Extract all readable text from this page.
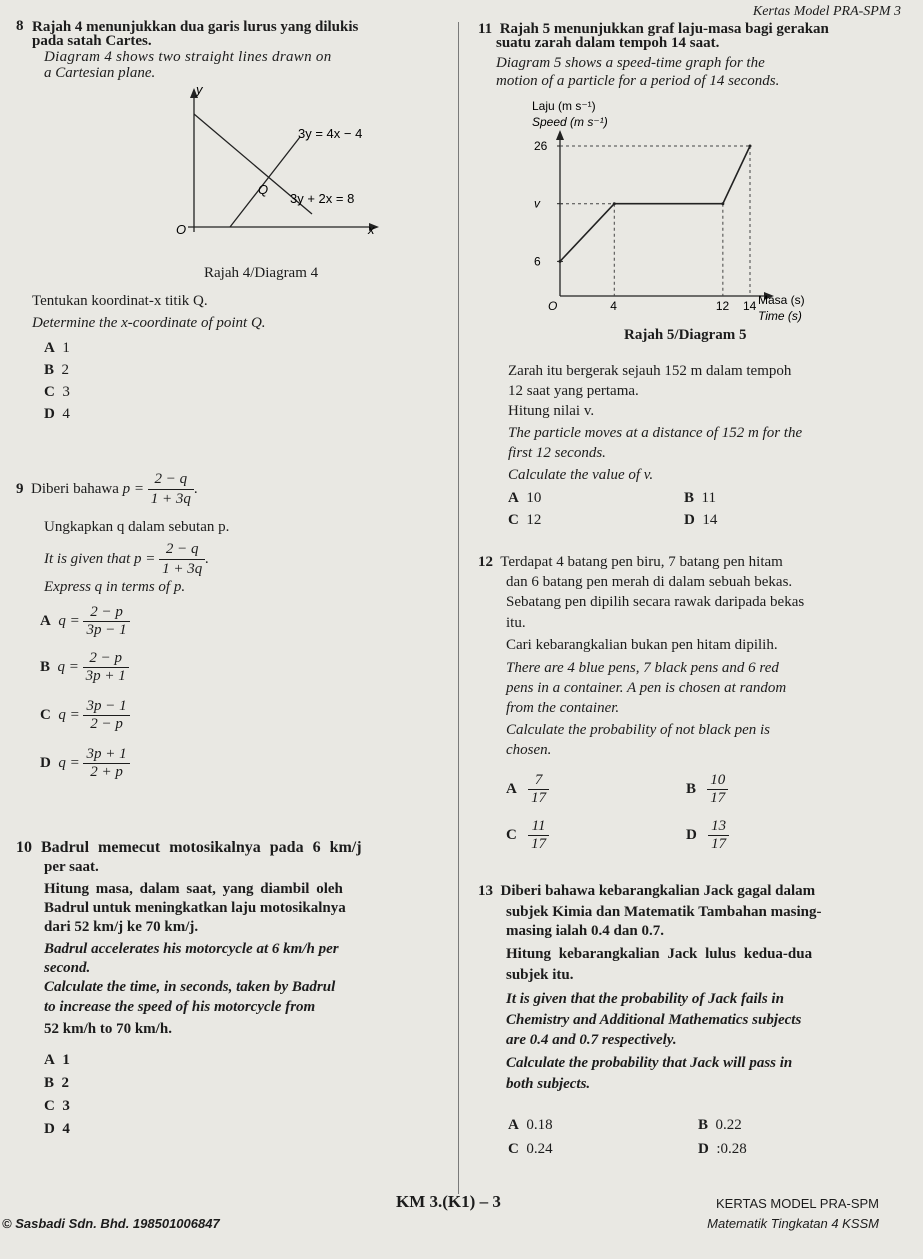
Kertas Model PRA-SPM 3
8 Rajah 4 menunjukkan dua garis lurus yang dilukis
pada satah Cartes.
Diagram 4 shows two straight lines drawn on
a Cartesian plane.
y
x
O
Q
3y = 4x − 4
3y + 2x = 8
Rajah 4/Diagram 4
Tentukan koordinat-x titik Q.
Determine the x-coordinate of point Q.
A 1
B 2
C 3
D 4
9 Diberi bahawa $p = \frac{2 - q}{1 + 3q}$ .
Ungkapkan q dalam sebutan p.
It is given that $p = \frac{2 - q}{1 + 3q}$ .
Express q in terms of p.
A $q = \frac{2 - p}{3p - 1}$
B $q = \frac{2 - p}{3p + 1}$
C $q = \frac{3p - 1}{2 - p}$
D $q = \frac{3p + 1}{2 + p}$
10 Badrul memecut motosikalnya pada 6 km/j
per saat.
Hitung masa, dalam saat, yang diambil oleh
Badrul untuk meningkatkan laju motosikalnya
dari 52 km/j ke 70 km/j.
Badrul accelerates his motorcycle at 6 km/h per
second.
Calculate the time, in seconds, taken by Badrul
to increase the speed of his motorcycle from
52 km/h to 70 km/h.
A 1
B 2
C 3
D 4
11 Rajah 5 menunjukkan graf laju-masa bagi gerakan
suatu zarah dalam tempoh 14 saat.
Diagram 5 shows a speed-time graph for the
motion of a particle for a period of 14 seconds.
Laju (m s⁻¹)
Speed (m s⁻¹)
Masa (s)
Time (s)
O
6
v
26
4	12 14
Rajah 5/Diagram 5
Zarah itu bergerak sejauh 152 m dalam tempoh
12 saat yang pertama.
Hitung nilai v.
The particle moves at a distance of 152 m for the
first 12 seconds.
Calculate the value of v.
A 10	B 11
C 12	D 14
12 Terdapat 4 batang pen biru, 7 batang pen hitam
dan 6 batang pen merah di dalam sebuah bekas.
Sebatang pen dipilih secara rawak daripada bekas
itu.
Cari kebarangkalian bukan pen hitam dipilih.
There are 4 blue pens, 7 black pens and 6 red
pens in a container. A pen is chosen at random
from the container.
Calculate the probability of not black pen is
chosen.
A $\frac{7}{17}$	B $\frac{10}{17}$
C $\frac{11}{17}$	D $\frac{13}{17}$
13 Diberi bahawa kebarangkalian Jack gagal dalam
subjek Kimia dan Matematik Tambahan masing-
masing ialah 0.4 dan 0.7.
Hitung kebarangkalian Jack lulus kedua-dua
subjek itu.
It is given that the probability of Jack fails in
Chemistry and Additional Mathematics subjects
are 0.4 and 0.7 respectively.
Calculate the probability that Jack will pass in
both subjects.
A 0.18	B 0.22
C 0.24	D :0.28
KM 3.(K1) – 3
© Sasbadi Sdn. Bhd. 198501006847
KERTAS MODEL PRA-SPM
Matematik Tingkatan 4 KSSM
